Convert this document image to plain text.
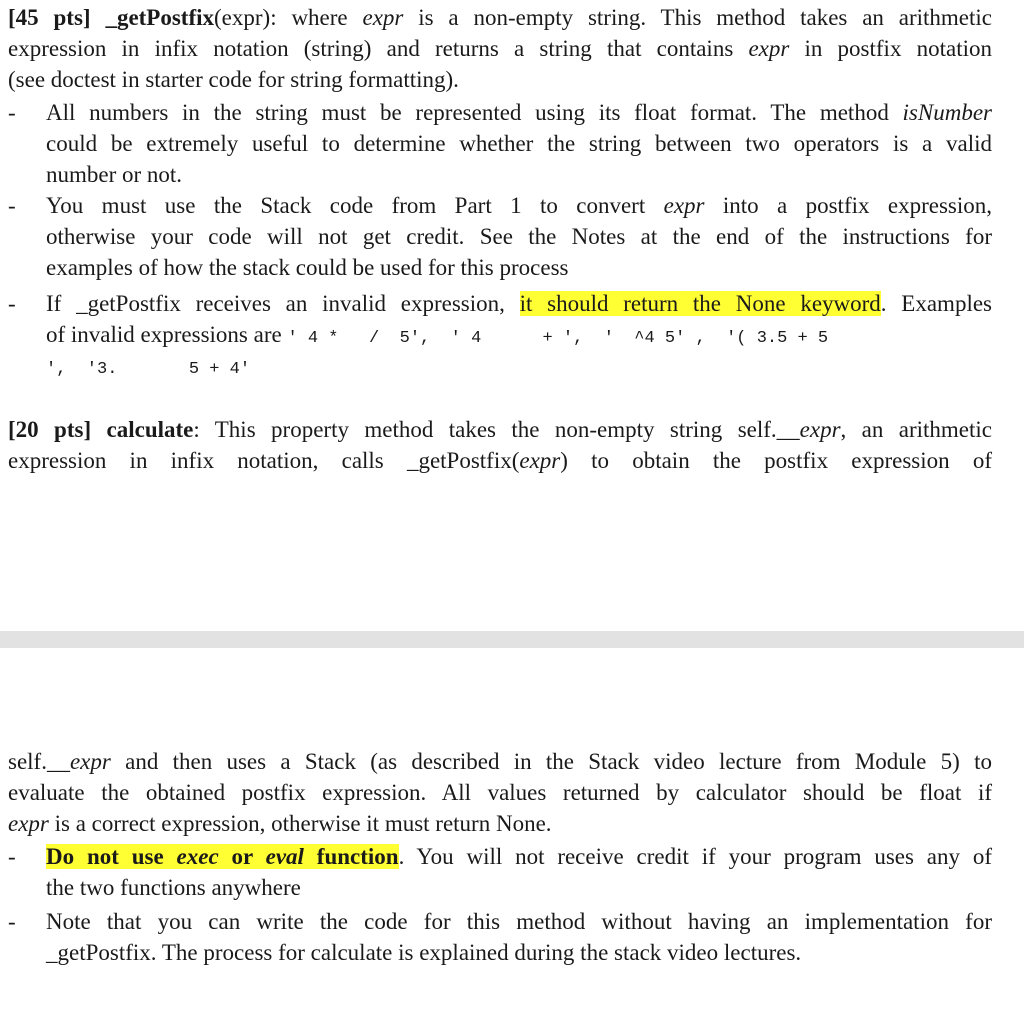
[45 pts] _getPostfix(expr): where expr is a non-empty string. This method takes an arithmetic
expression in infix notation (string) and returns a string that contains expr in postfix notation
(see doctest in starter code for string formatting).
- All numbers in the string must be represented using its float format. The method isNumber
could be extremely useful to determine whether the string between two operators is a valid
number or not.
- You must use the Stack code from Part 1 to convert expr into a postfix expression,
otherwise your code will not get credit. See the Notes at the end of the instructions for
examples of how the stack could be used for this process
- If _getPostfix receives an invalid expression, it should return the None keyword. Examples
of invalid expressions are ' 4 *   /  5',  ' 4      + ',  '  ^4 5' ,  '( 3.5 + 5
',  '3.       5 + 4'
[20 pts] calculate: This property method takes the non-empty string self.__expr, an arithmetic
expression in infix notation, calls _getPostfix(expr) to obtain the postfix expression of
self.__expr and then uses a Stack (as described in the Stack video lecture from Module 5) to
evaluate the obtained postfix expression. All values returned by calculator should be float if
expr is a correct expression, otherwise it must return None.
- Do not use exec or eval function. You will not receive credit if your program uses any of
the two functions anywhere
- Note that you can write the code for this method without having an implementation for
_getPostfix. The process for calculate is explained during the stack video lectures.
